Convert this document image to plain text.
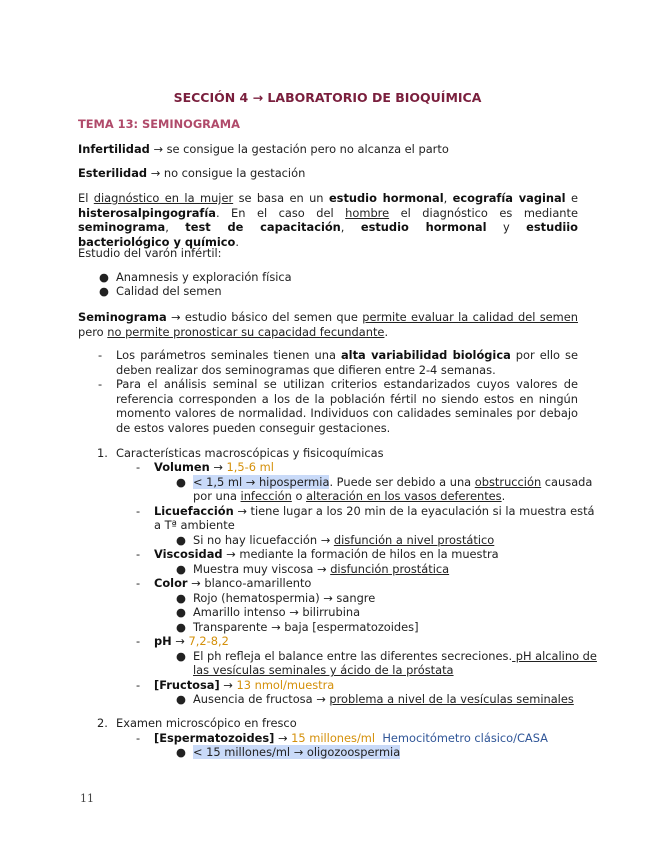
SECCIÓN 4 → LABORATORIO DE BIOQUÍMICA
TEMA 13: SEMINOGRAMA
Infertilidad → se consigue la gestación pero no alcanza el parto
Esterilidad → no consigue la gestación
El diagnóstico en la mujer se basa en un estudio hormonal, ecografía vaginal e histerosalpingografía. En el caso del hombre el diagnóstico es mediante seminograma, test de capacitación, estudio hormonal y estudiio bacteriológico y químico.
Estudio del varón infértil:
● Anamnesis y exploración física
● Calidad del semen
Seminograma → estudio básico del semen que permite evaluar la calidad del semen pero no permite pronosticar su capacidad fecundante.
- Los parámetros seminales tienen una alta variabilidad biológica por ello se deben realizar dos seminogramas que difieren entre 2-4 semanas.
- Para el análisis seminal se utilizan criterios estandarizados cuyos valores de referencia corresponden a los de la población fértil no siendo estos en ningún momento valores de normalidad. Individuos con calidades seminales por debajo de estos valores pueden conseguir gestaciones.
1. Características macroscópicas y fisicoquímicas
- Volumen → 1,5-6 ml
● < 1,5 ml → hipospermia. Puede ser debido a una obstrucción causada
por una infección o alteración en los vasos deferentes.
- Licuefacción → tiene lugar a los 20 min de la eyaculación si la muestra está
a Tª ambiente
● Si no hay licuefacción → disfunción a nivel prostático
- Viscosidad → mediante la formación de hilos en la muestra
● Muestra muy viscosa → disfunción prostática
- Color → blanco-amarillento
● Rojo (hematospermia) → sangre
● Amarillo intenso → bilirrubina
● Transparente → baja [espermatozoides]
- pH → 7,2-8,2
● El ph refleja el balance entre las diferentes secreciones. pH alcalino de
las vesículas seminales y ácido de la próstata
- [Fructosa] → 13 nmol/muestra
● Ausencia de fructosa → problema a nivel de la vesículas seminales
2. Examen microscópico en fresco
- [Espermatozoides] → 15 millones/ml Hemocitómetro clásico/CASA
● < 15 millones/ml → oligozoospermia
11
